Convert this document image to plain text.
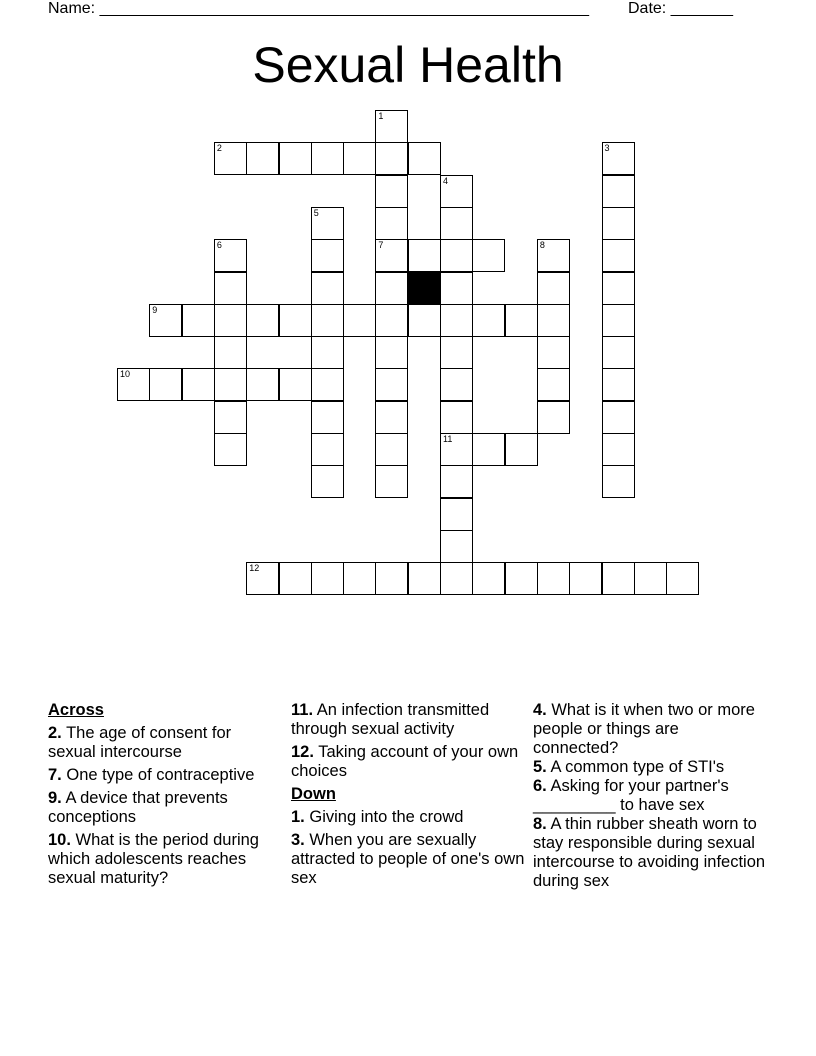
Name: _______________________________________________________ Date: _______
Sexual Health
2
7
9
10
11
12
1
3
4
5
6	8
Across
2. The age of consent for sexual intercourse
7. One type of contraceptive
9. A device that prevents conceptions
10. What is the period during which adolescents reaches sexual maturity?
11. An infection transmitted through sexual activity
12. Taking account of your own choices
Down
1. Giving into the crowd
3. When you are sexually attracted to people of one's own sex
4. What is it when two or more people or things are connected?
5. A common type of STI's
6. Asking for your partner's _________ to have sex
8. A thin rubber sheath worn to stay responsible during sexual intercourse to avoiding infection during sex
